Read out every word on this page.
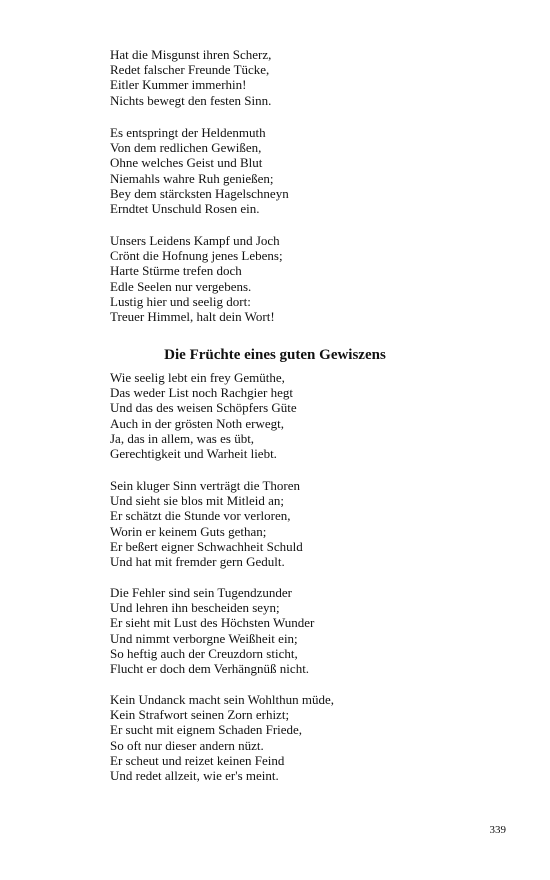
Hat die Misgunst ihren Scherz,
Redet falscher Freunde Tücke,
Eitler Kummer immerhin!
Nichts bewegt den festen Sinn.
Es entspringt der Heldenmuth
Von dem redlichen Gewißen,
Ohne welches Geist und Blut
Niemahls wahre Ruh genießen;
Bey dem stärcksten Hagelschneyn
Erndtet Unschuld Rosen ein.
Unsers Leidens Kampf und Joch
Crönt die Hofnung jenes Lebens;
Harte Stürme trefen doch
Edle Seelen nur vergebens.
Lustig hier und seelig dort:
Treuer Himmel, halt dein Wort!
Die Früchte eines guten Gewiszens
Wie seelig lebt ein frey Gemüthe,
Das weder List noch Rachgier hegt
Und das des weisen Schöpfers Güte
Auch in der grösten Noth erwegt,
Ja, das in allem, was es übt,
Gerechtigkeit und Warheit liebt.
Sein kluger Sinn verträgt die Thoren
Und sieht sie blos mit Mitleid an;
Er schätzt die Stunde vor verloren,
Worin er keinem Guts gethan;
Er beßert eigner Schwachheit Schuld
Und hat mit fremder gern Gedult.
Die Fehler sind sein Tugendzunder
Und lehren ihn bescheiden seyn;
Er sieht mit Lust des Höchsten Wunder
Und nimmt verborgne Weißheit ein;
So heftig auch der Creuzdorn sticht,
Flucht er doch dem Verhängnüß nicht.
Kein Undanck macht sein Wohlthun müde,
Kein Strafwort seinen Zorn erhizt;
Er sucht mit eignem Schaden Friede,
So oft nur dieser andern nüzt.
Er scheut und reizet keinen Feind
Und redet allzeit, wie er's meint.
339
